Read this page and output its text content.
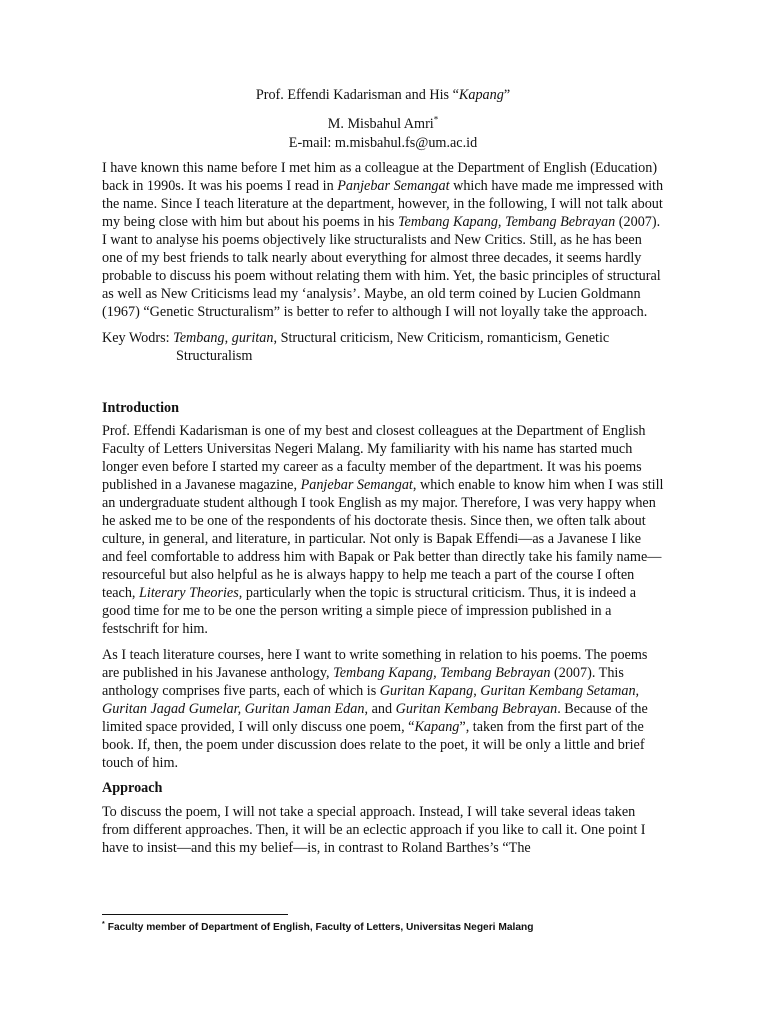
Prof. Effendi Kadarisman and His “Kapang”
M. Misbahul Amri*
E-mail: m.misbahul.fs@um.ac.id

I have known this name before I met him as a colleague at the Department of English (Education) back in 1990s. It was his poems I read in Panjebar Semangat which have made me impressed with the name. Since I teach literature at the department, however, in the following, I will not talk about my being close with him but about his poems in his Tembang Kapang, Tembang Bebrayan (2007). I want to analyse his poems objectively like structuralists and New Critics. Still, as he has been one of my best friends to talk nearly about everything for almost three decades, it seems hardly probable to discuss his poem without relating them with him. Yet, the basic principles of structural as well as New Criticisms lead my ‘analysis’. Maybe, an old term coined by Lucien Goldmann (1967) “Genetic Structuralism” is better to refer to although I will not loyally take the approach.

Key Wodrs: Tembang, guritan, Structural criticism, New Criticism, romanticism, Genetic Structuralism

Introduction

Prof. Effendi Kadarisman is one of my best and closest colleagues at the Department of English Faculty of Letters Universitas Negeri Malang. My familiarity with his name has started much longer even before I started my career as a faculty member of the department. It was his poems published in a Javanese magazine, Panjebar Semangat, which enable to know him when I was still an undergraduate student although I took English as my major. Therefore, I was very happy when he asked me to be one of the respondents of his doctorate thesis. Since then, we often talk about culture, in general, and literature, in particular. Not only is Bapak Effendi—as a Javanese I like and feel comfortable to address him with Bapak or Pak better than directly take his family name—resourceful but also helpful as he is always happy to help me teach a part of the course I often teach, Literary Theories, particularly when the topic is structural criticism. Thus, it is indeed a good time for me to be one the person writing a simple piece of impression published in a festschrift for him.

As I teach literature courses, here I want to write something in relation to his poems. The poems are published in his Javanese anthology, Tembang Kapang, Tembang Bebrayan (2007). This anthology comprises five parts, each of which is Guritan Kapang, Guritan Kembang Setaman, Guritan Jagad Gumelar, Guritan Jaman Edan, and Guritan Kembang Bebrayan. Because of the limited space provided, I will only discuss one poem, “Kapang”, taken from the first part of the book. If, then, the poem under discussion does relate to the poet, it will be only a little and brief touch of him.

Approach

To discuss the poem, I will not take a special approach. Instead, I will take several ideas taken from different approaches. Then, it will be an eclectic approach if you like to call it. One point I have to insist—and this my belief—is, in contrast to Roland Barthes’s “The

* Faculty member of Department of English, Faculty of Letters, Universitas Negeri Malang
